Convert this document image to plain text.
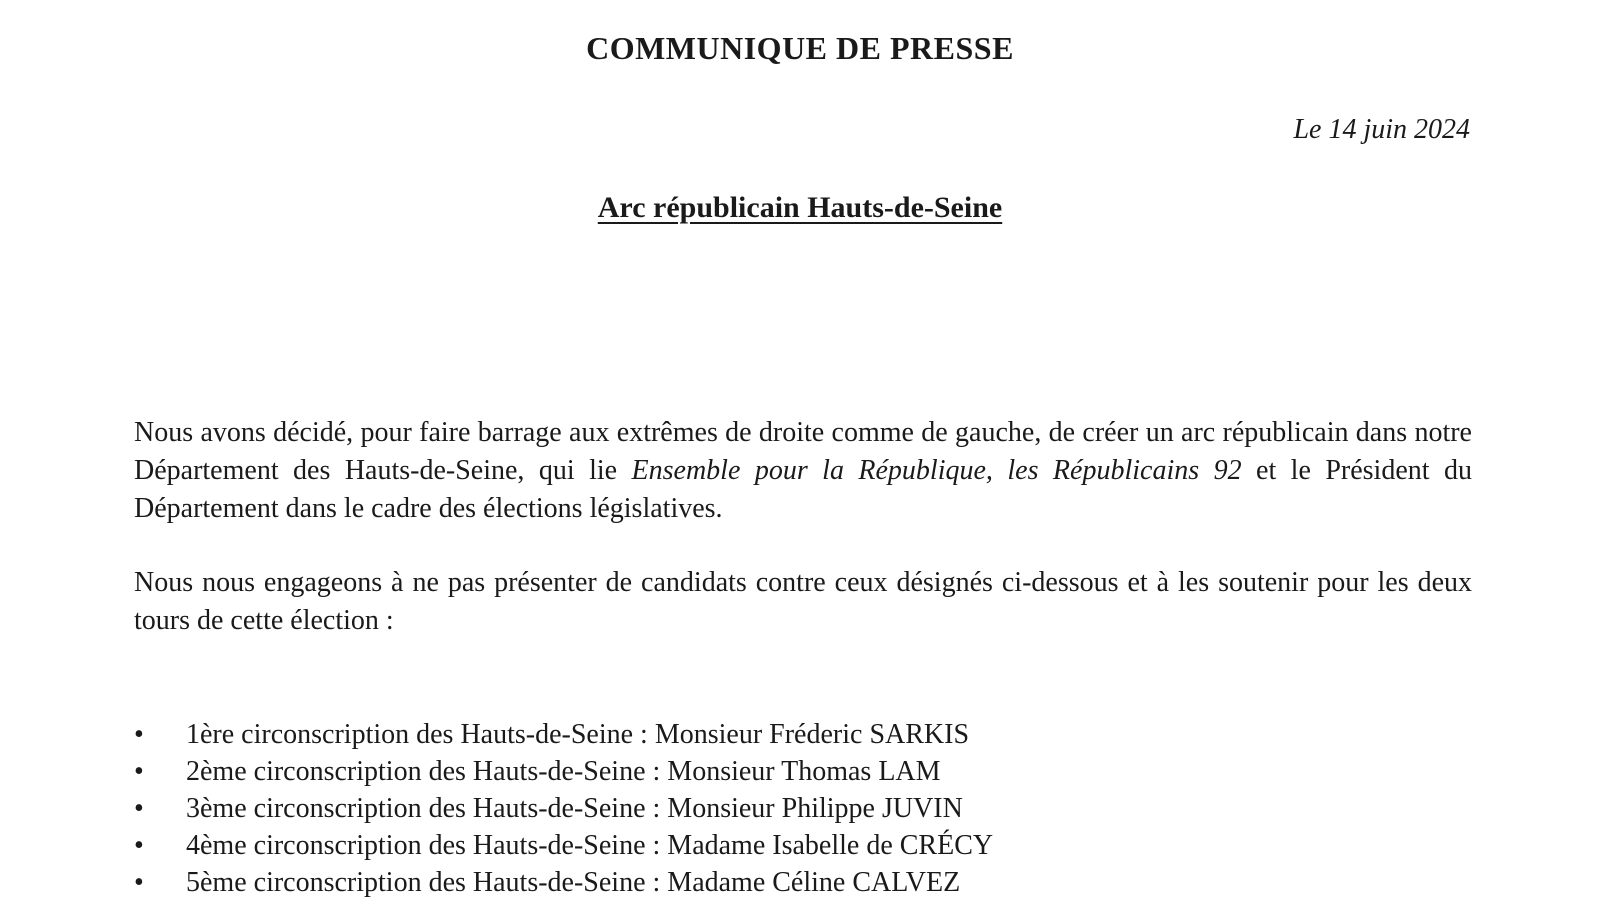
COMMUNIQUE DE PRESSE
Le 14 juin 2024
Arc républicain Hauts-de-Seine

Nous avons décidé, pour faire barrage aux extrêmes de droite comme de gauche, de créer un arc républicain dans notre Département des Hauts-de-Seine, qui lie Ensemble pour la République, les Républicains 92 et le Président du Département dans le cadre des élections législatives.

Nous nous engageons à ne pas présenter de candidats contre ceux désignés ci-dessous et à les soutenir pour les deux tours de cette élection :

• 1ère circonscription des Hauts-de-Seine : Monsieur Fréderic SARKIS
• 2ème circonscription des Hauts-de-Seine : Monsieur Thomas LAM
• 3ème circonscription des Hauts-de-Seine : Monsieur Philippe JUVIN
• 4ème circonscription des Hauts-de-Seine : Madame Isabelle de CRÉCY
• 5ème circonscription des Hauts-de-Seine : Madame Céline CALVEZ
